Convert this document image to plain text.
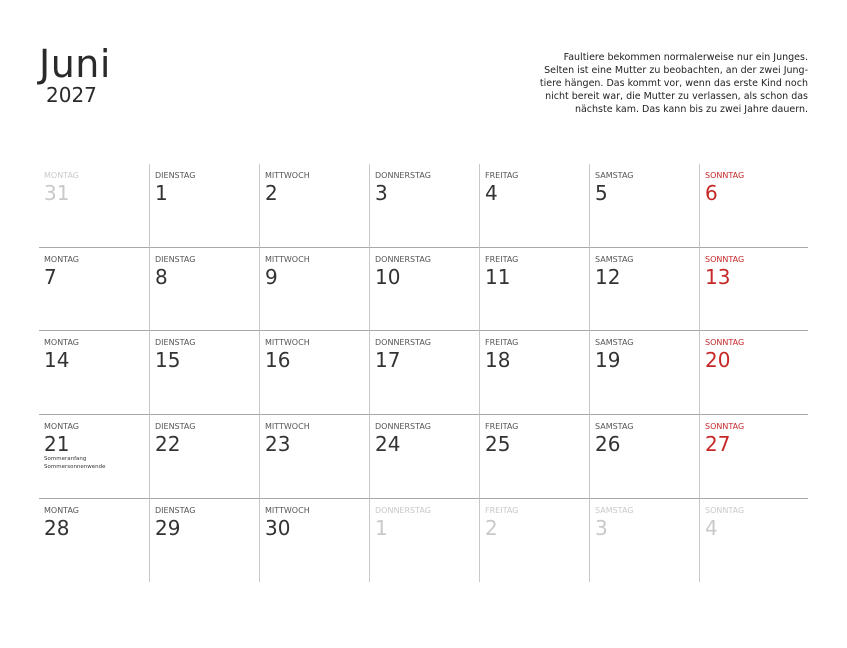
Juni
2027
Faultiere bekommen normalerweise nur ein Junges.
Selten ist eine Mutter zu beobachten, an der zwei Jung-
tiere hängen. Das kommt vor, wenn das erste Kind noch
nicht bereit war, die Mutter zu verlassen, als schon das
nächste kam. Das kann bis zu zwei Jahre dauern.
MONTAG
31
DIENSTAG
1
MITTWOCH
2
DONNERSTAG
3
FREITAG
4
SAMSTAG
5
SONNTAG
6
MONTAG
7
DIENSTAG
8
MITTWOCH
9
DONNERSTAG
10
FREITAG
11
SAMSTAG
12
SONNTAG
13
MONTAG
14
DIENSTAG
15
MITTWOCH
16
DONNERSTAG
17
FREITAG
18
SAMSTAG
19
SONNTAG
20
MONTAG
21
Sommeranfang
Sommersonnenwende
DIENSTAG
22
MITTWOCH
23
DONNERSTAG
24
FREITAG
25
SAMSTAG
26
SONNTAG
27
MONTAG
28
DIENSTAG
29
MITTWOCH
30
DONNERSTAG
1
FREITAG
2
SAMSTAG
3
SONNTAG
4
